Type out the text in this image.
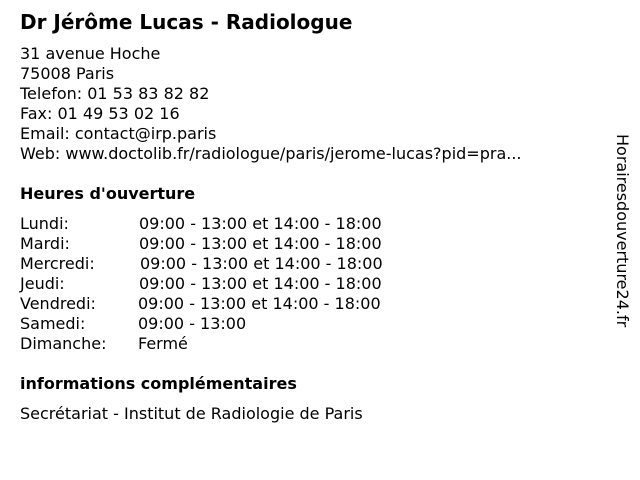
Dr Jérôme Lucas - Radiologue
31 avenue Hoche
75008 Paris
Telefon: 01 53 83 82 82
Fax: 01 49 53 02 16
Email: contact@irp.paris
Web: www.doctolib.fr/radiologue/paris/jerome-lucas?pid=pra...
Heures d'ouverture
Lundi:	09:00 - 13:00 et 14:00 - 18:00
Mardi:	09:00 - 13:00 et 14:00 - 18:00
Mercredi:	09:00 - 13:00 et 14:00 - 18:00
Jeudi:	09:00 - 13:00 et 14:00 - 18:00
Vendredi:	09:00 - 13:00 et 14:00 - 18:00
Samedi:	09:00 - 13:00
Dimanche: Fermé
informations complémentaires
Secrétariat - Institut de Radiologie de Paris
Horairesdouverture24.fr
